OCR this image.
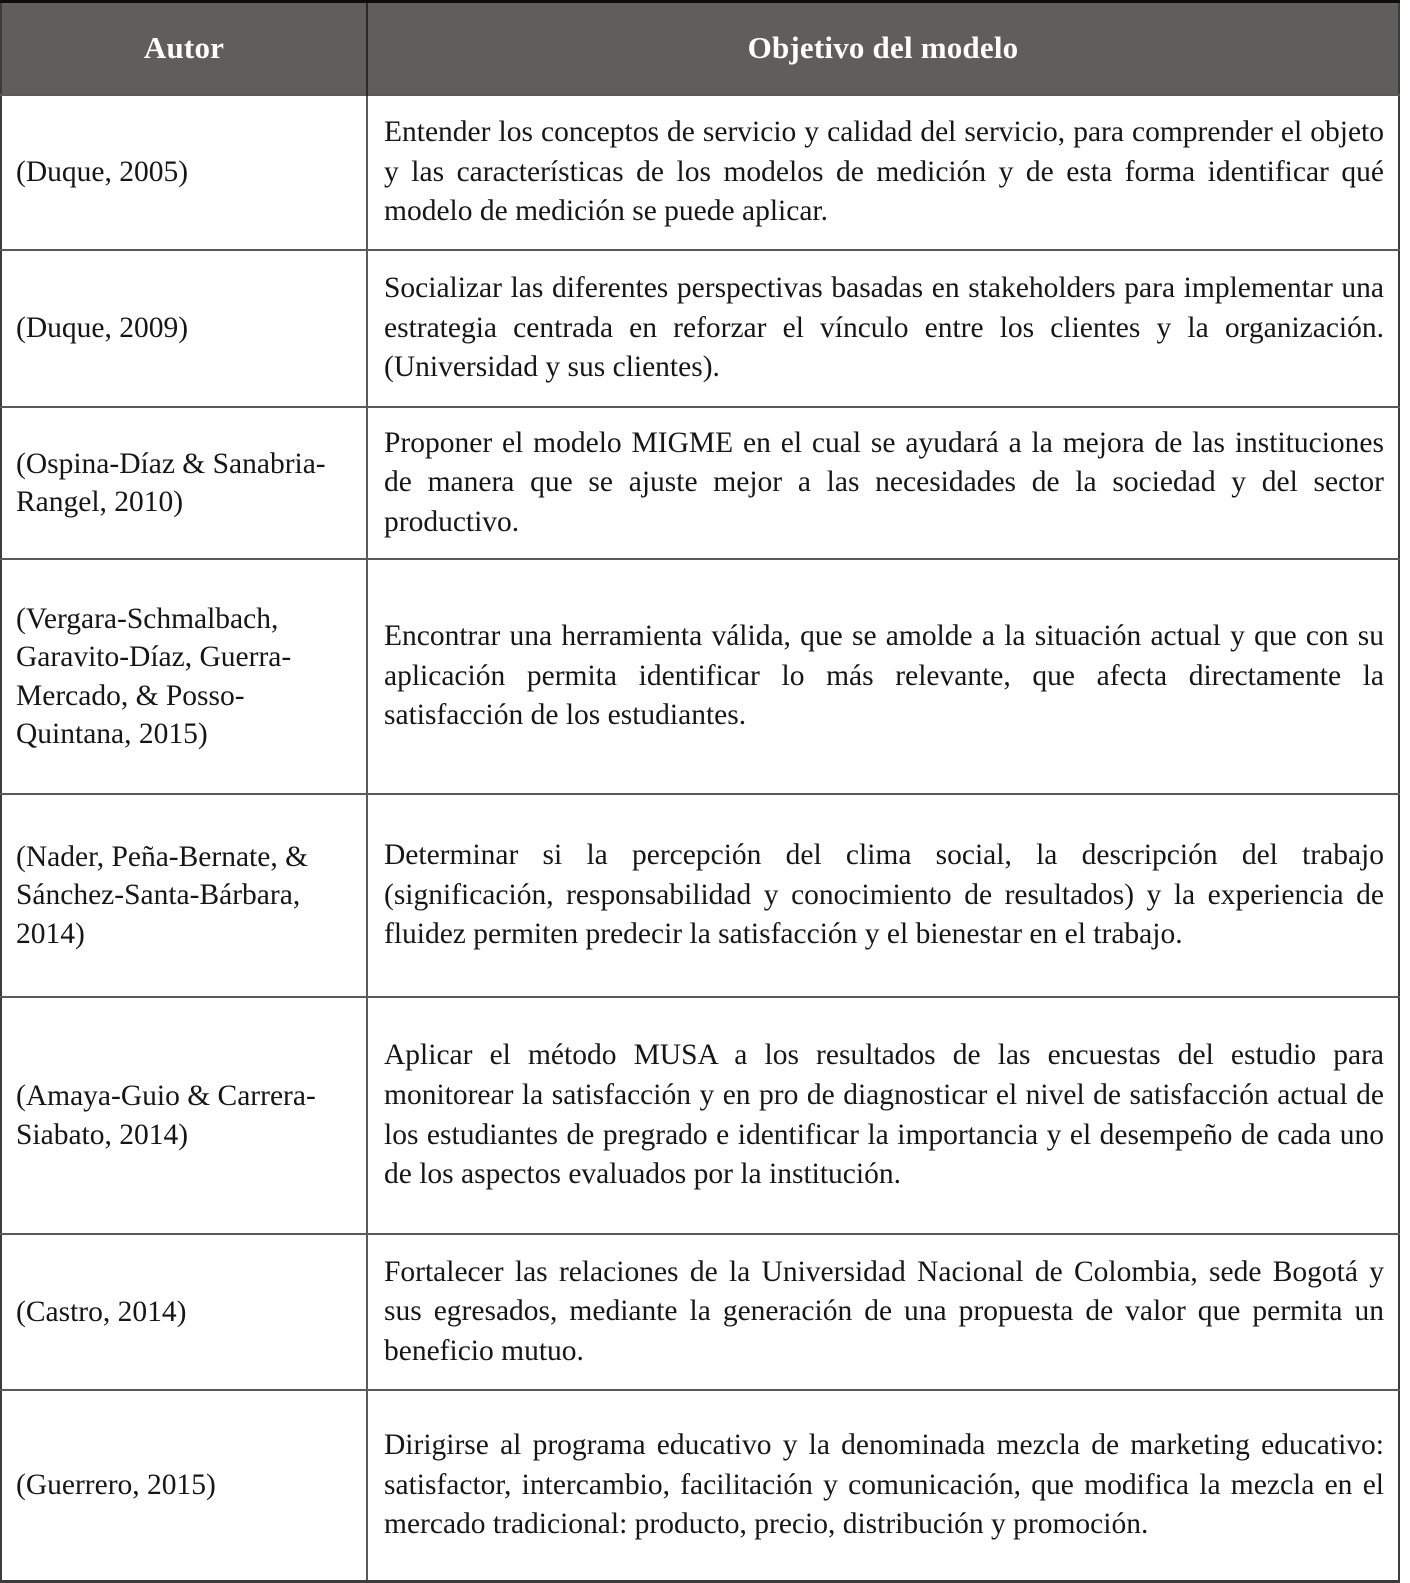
Autor	Objetivo del modelo
(Duque, 2005)	Entender los conceptos de servicio y calidad del servicio, para comprender el objeto y las características de los modelos de medición y de esta forma identificar qué modelo de medición se puede aplicar.
(Duque, 2009)	Socializar las diferentes perspectivas basadas en stakeholders para implementar una estrategia centrada en reforzar el vínculo entre los clientes y la organización. (Universidad y sus clientes).
(Ospina-Díaz & Sanabria-Rangel, 2010)	Proponer el modelo MIGME en el cual se ayudará a la mejora de las instituciones de manera que se ajuste mejor a las necesidades de la sociedad y del sector productivo.
(Vergara-Schmalbach, Garavito-Díaz, Guerra-Mercado, & Posso-Quintana, 2015)	Encontrar una herramienta válida, que se amolde a la situación actual y que con su aplicación permita identificar lo más relevante, que afecta directamente la satisfacción de los estudiantes.
(Nader, Peña-Bernate, & Sánchez-Santa-Bárbara, 2014)	Determinar si la percepción del clima social, la descripción del trabajo (significación, responsabilidad y conocimiento de resultados) y la experiencia de fluidez permiten predecir la satisfacción y el bienestar en el trabajo.
(Amaya-Guio & Carrera-Siabato, 2014)	Aplicar el método MUSA a los resultados de las encuestas del estudio para monitorear la satisfacción y en pro de diagnosticar el nivel de satisfacción actual de los estudiantes de pregrado e identificar la importancia y el desempeño de cada uno de los aspectos evaluados por la institución.
(Castro, 2014)	Fortalecer las relaciones de la Universidad Nacional de Colombia, sede Bogotá y sus egresados, mediante la generación de una propuesta de valor que permita un beneficio mutuo.
(Guerrero, 2015)	Dirigirse al programa educativo y la denominada mezcla de marketing educativo: satisfactor, intercambio, facilitación y comunicación, que modifica la mezcla en el mercado tradicional: producto, precio, distribución y promoción.
